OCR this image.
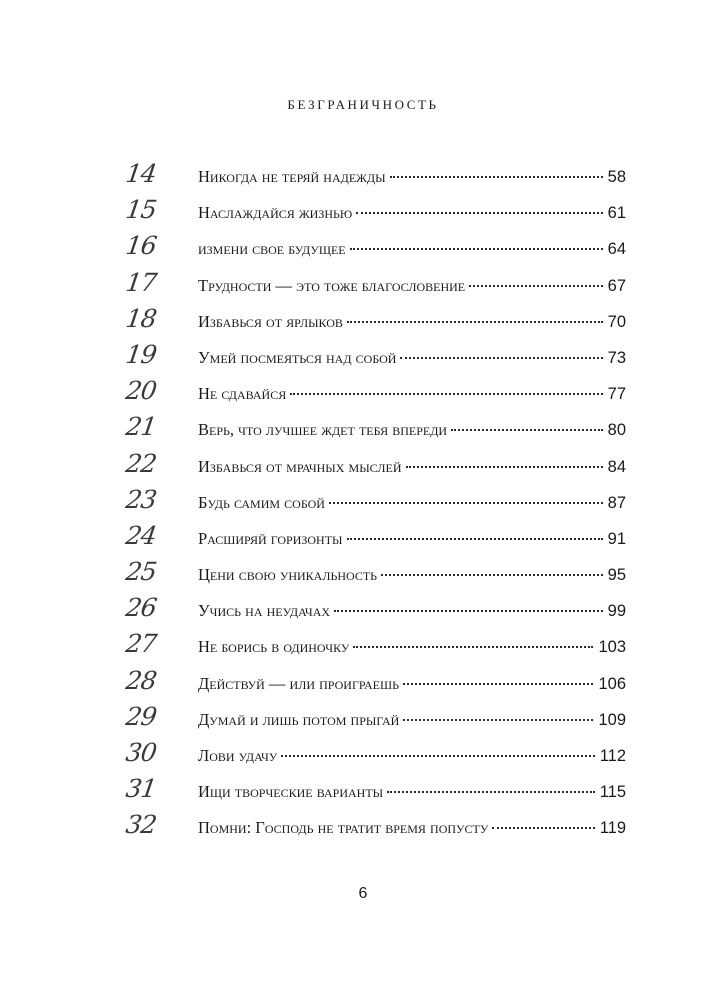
БЕЗГРАНИЧНОСТЬ
14	Никогда не теряй надежды	58
15	Наслаждайся жизнью	61
16	измени свое будущее	64
17	Трудности — это тоже благословение	67
18	Избавься от ярлыков	70
19	Умей посмеяться над собой	73
20	Не сдавайся	77
21	Верь, что лучшее ждет тебя впереди	80
22	Избавься от мрачных мыслей	84
23	Будь самим собой	87
24	Расширяй горизонты	91
25	Цени свою уникальность	95
26	Учись на неудачах	99
27	Не борись в одиночку	103
28	Действуй — или проиграешь	106
29	Думай и лишь потом прыгай	109
30	Лови удачу	112
31	Ищи творческие варианты	115
32	Помни: Господь не тратит время попусту	119
6
